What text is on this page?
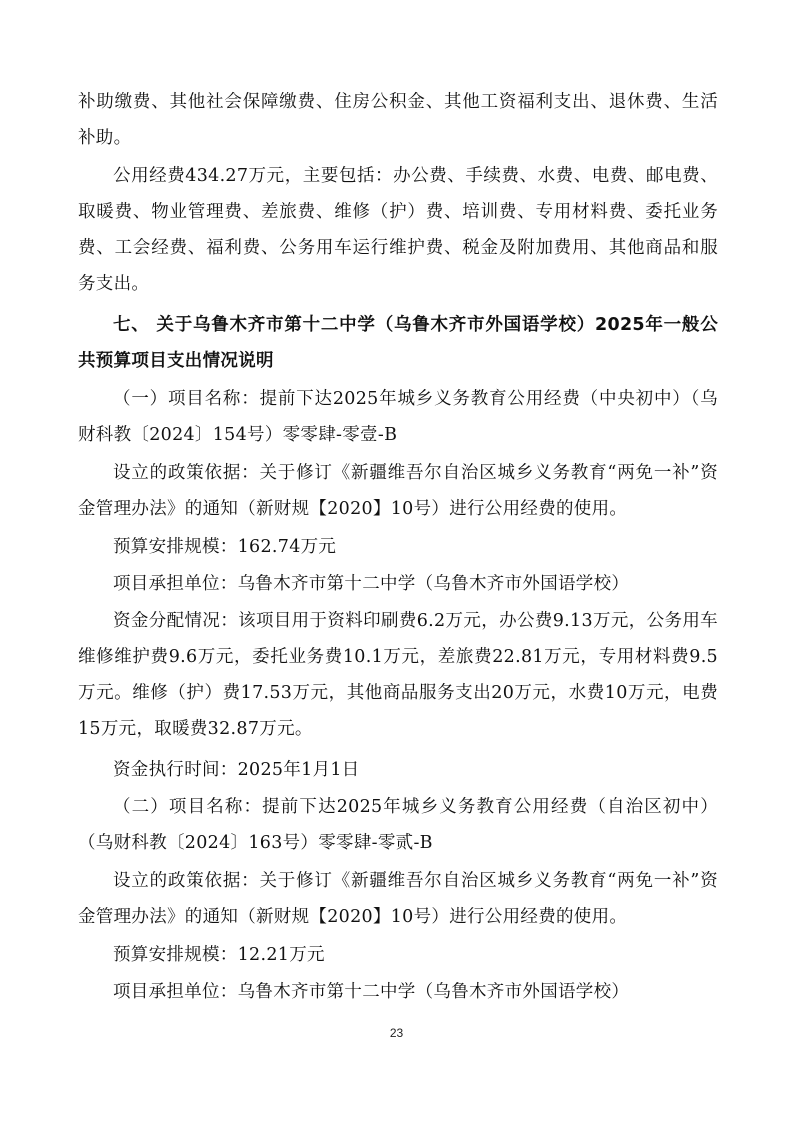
补助缴费、其他社会保障缴费、住房公积金、其他工资福利支出、退休费、生活补助。

公用经费434.27万元，主要包括：办公费、手续费、水费、电费、邮电费、取暖费、物业管理费、差旅费、维修（护）费、培训费、专用材料费、委托业务费、工会经费、福利费、公务用车运行维护费、税金及附加费用、其他商品和服务支出。

七、 关于乌鲁木齐市第十二中学（乌鲁木齐市外国语学校）2025年一般公共预算项目支出情况说明

（一）项目名称：提前下达2025年城乡义务教育公用经费（中央初中）（乌财科教〔2024〕154号）零零肆-零壹-B

设立的政策依据：关于修订《新疆维吾尔自治区城乡义务教育“两免一补”资金管理办法》的通知（新财规【2020】10号）进行公用经费的使用。

预算安排规模：162.74万元

项目承担单位：乌鲁木齐市第十二中学（乌鲁木齐市外国语学校）

资金分配情况：该项目用于资料印刷费6.2万元，办公费9.13万元，公务用车维修维护费9.6万元，委托业务费10.1万元，差旅费22.81万元，专用材料费9.5万元。维修（护）费17.53万元，其他商品服务支出20万元，水费10万元，电费15万元，取暖费32.87万元。

资金执行时间：2025年1月1日

（二）项目名称：提前下达2025年城乡义务教育公用经费（自治区初中）（乌财科教〔2024〕163号）零零肆-零贰-B

设立的政策依据：关于修订《新疆维吾尔自治区城乡义务教育“两免一补”资金管理办法》的通知（新财规【2020】10号）进行公用经费的使用。

预算安排规模：12.21万元

项目承担单位：乌鲁木齐市第十二中学（乌鲁木齐市外国语学校）

23
